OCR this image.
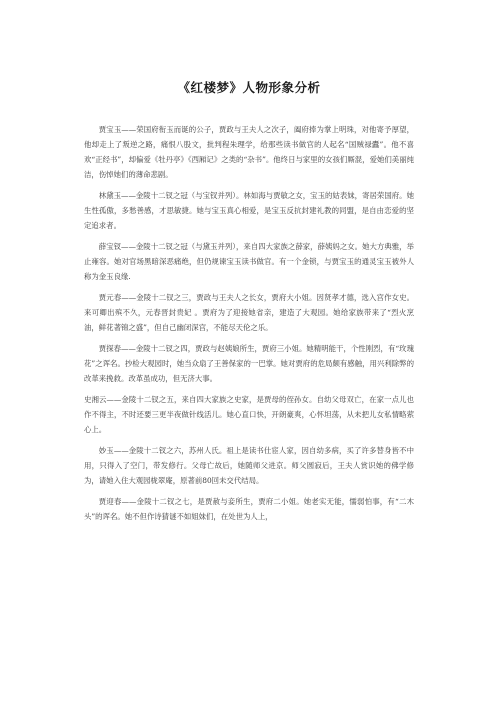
《红楼梦》人物形象分析

贾宝玉——荣国府衔玉而诞的公子，贾政与王夫人之次子，阖府捧为掌上明珠，对他寄予厚望，他却走上了叛逆之路，痛恨八股文，批判程朱理学，给那些读书做官的人起名“国贼禄蠹”。他不喜欢“正经书”，却偏爱《牡丹亭》《西厢记》之类的“杂书”。他终日与家里的女孩们厮混，爱她们美丽纯洁，伤悼她们的薄命悲剧。

林黛玉——金陵十二钗之冠（与宝钗并列）。林如海与贾敏之女，宝玉的姑表妹，寄居荣国府。她生性孤傲，多愁善感，才思敏捷。她与宝玉真心相爱，是宝玉反抗封建礼教的同盟，是自由恋爱的坚定追求者。

薛宝钗——金陵十二钗之冠（与黛玉并列），来自四大家族之薛家，薛姨妈之女。她大方典雅，举止雍容。她对官场黑暗深恶痛绝，但仍规谏宝玉读书做官。有一个金锁，与贾宝玉的通灵宝玉被外人称为金玉良缘.

贾元春——金陵十二钗之三，贾政与王夫人之长女，贾府大小姐。因贤孝才德，选入宫作女史。来可卿出殡不久，元春晋封贵妃 。贾府为了迎接她省亲，建造了大观园。她给家族带来了“烈火烹油，鲜花著锦之盛”，但自己幽闭深宫，不能尽天伦之乐。

贾探春——金陵十二钗之四，贾政与赵姨娘所生，贾府三小姐。她精明能干，个性刚烈，有“玫瑰花”之诨名。抄检大观园时，她当众扇了王善保家的一巴掌。她对贾府的危局颇有感触，用兴利除弊的改革来挽救。改革虽成功，但无济大事。

史湘云——金陵十二钗之五，来自四大家族之史家，是贾母的侄孙女。自幼父母双亡，在家一点儿也作不得主，不时还要三更半夜做针线活儿。她心直口快，开朗豪爽，心怀坦荡，从未把儿女私情略萦心上。

妙玉——金陵十二钗之六，苏州人氏。祖上是读书仕宦人家，因自幼多病，买了许多替身皆不中用，只得入了空门，带发修行。父母亡故后，她随师父进京。师父圆寂后，王夫人赏识她的佛学修为，请她入住大观园栊翠庵，原著前80回未交代结局。

贾迎春——金陵十二钗之七，是贾赦与妾所生，贾府二小姐。她老实无能，懦弱怕事，有“二木头”的诨名。她不但作诗猜谜不如姐妹们，在处世为人上，
